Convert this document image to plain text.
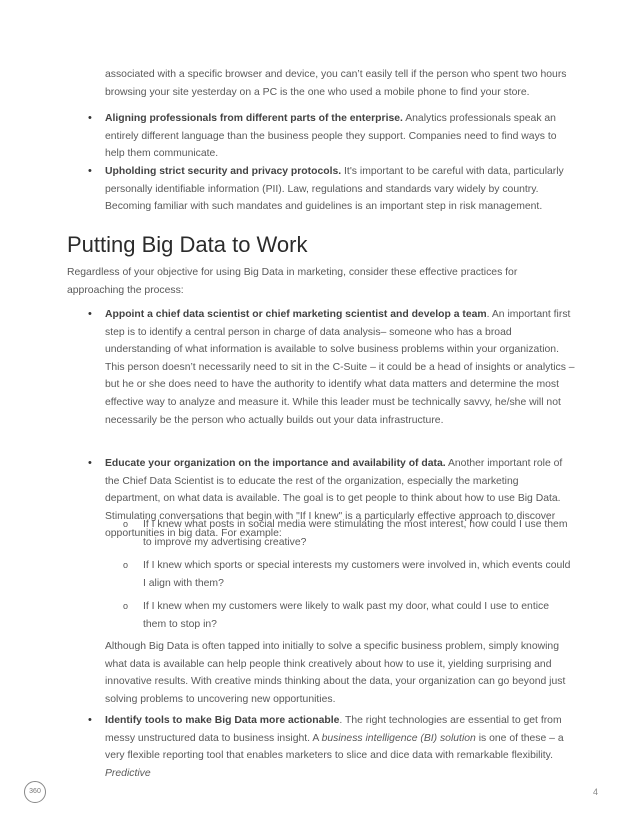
associated with a specific browser and device, you can’t easily tell if the person who spent two hours browsing your site yesterday on a PC is the one who used a mobile phone to find your store.

• Aligning professionals from different parts of the enterprise. Analytics professionals speak an entirely different language than the business people they support. Companies need to find ways to help them communicate.
• Upholding strict security and privacy protocols. It's important to be careful with data, particularly personally identifiable information (PII). Law, regulations and standards vary widely by country. Becoming familiar with such mandates and guidelines is an important step in risk management.
Putting Big Data to Work

Regardless of your objective for using Big Data in marketing, consider these effective practices for approaching the process:

• Appoint a chief data scientist or chief marketing scientist and develop a team. An important first step is to identify a central person in charge of data analysis– someone who has a broad understanding of what information is available to solve business problems within your organization. This person doesn’t necessarily need to sit in the C-Suite – it could be a head of insights or analytics – but he or she does need to have the authority to identify what data matters and determine the most effective way to analyze and measure it. While this leader must be technically savvy, he/she will not necessarily be the person who actually builds out your data infrastructure.
• Educate your organization on the importance and availability of data. Another important role of the Chief Data Scientist is to educate the rest of the organization, especially the marketing department, on what data is available. The goal is to get people to think about how to use Big Data. Stimulating conversations that begin with "If I knew" is a particularly effective approach to discover opportunities in big data. For example:
o If I knew what posts in social media were stimulating the most interest, how could I use them to improve my advertising creative?
o If I knew which sports or special interests my customers were involved in, which events could I align with them?
o If I knew when my customers were likely to walk past my door, what could I use to entice them to stop in?

Although Big Data is often tapped into initially to solve a specific business problem, simply knowing what data is available can help people think creatively about how to use it, yielding surprising and innovative results. With creative minds thinking about the data, your organization can go beyond just solving problems to uncovering new opportunities.

• Identify tools to make Big Data more actionable. The right technologies are essential to get from messy unstructured data to business insight. A business intelligence (BI) solution is one of these – a very flexible reporting tool that enables marketers to slice and dice data with remarkable flexibility. Predictive
360	4
